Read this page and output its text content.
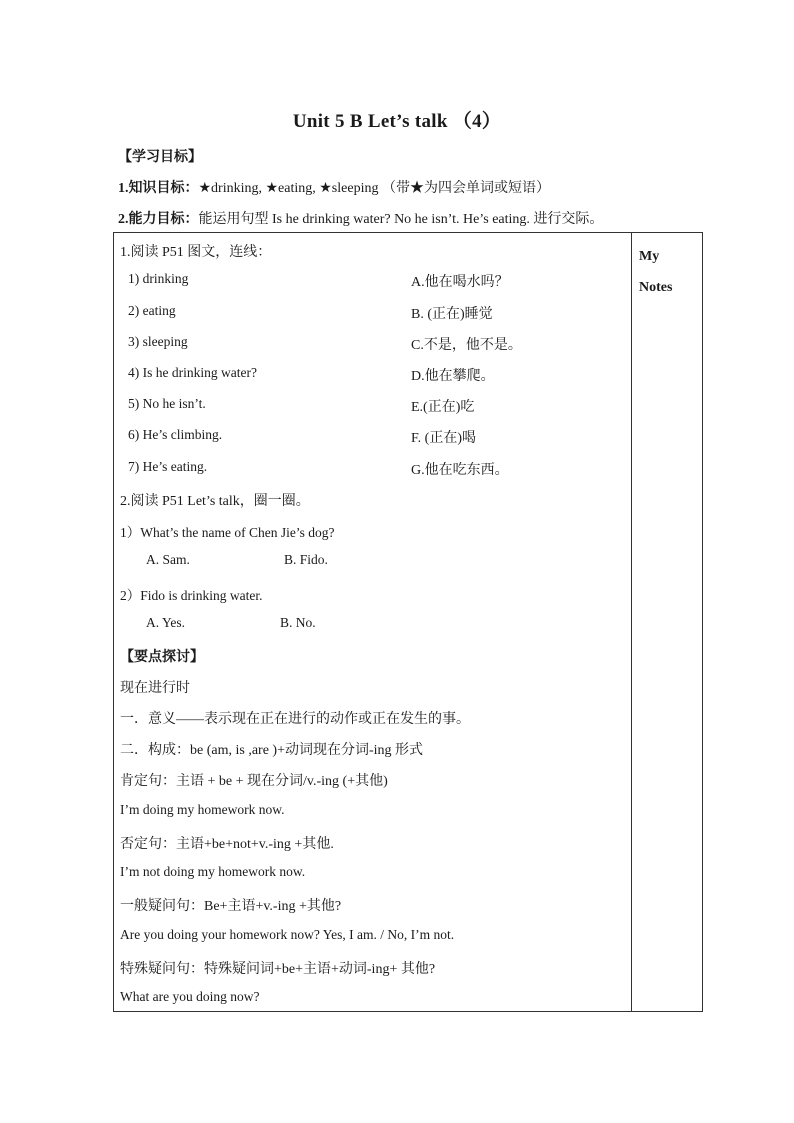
Unit 5 B Let’s talk （4）
【学习目标】
1.知识目标：★drinking, ★eating, ★sleeping （带★为四会单词或短语）
2.能力目标：能运用句型 Is he drinking water? No he isn’t. He’s eating. 进行交际。
My
Notes
1.阅读 P51 图文，连线：
1) drinking
2) eating
3) sleeping
4) Is he drinking water?
5) No he isn’t.
6) He’s climbing.
7) He’s eating.
A.他在喝水吗？
B. (正在)睡觉
C.不是，他不是。
D.他在攀爬。
E.(正在)吃
F. (正在)喝
G.他在吃东西。
2.阅读 P51 Let’s talk，圈一圈。
1）What’s the name of Chen Jie’s dog?
A. Sam.	B. Fido.
2）Fido is drinking water.
A. Yes.	B. No.
【要点探讨】
现在进行时
一．意义——表示现在正在进行的动作或正在发生的事。
二．构成：be (am, is ,are )+动词现在分词-ing 形式
肯定句：主语 + be + 现在分词/v.-ing (+其他)
I’m doing my homework now.
否定句：主语+be+not+v.-ing +其他.
I’m not doing my homework now.
一般疑问句：Be+主语+v.-ing +其他?
Are you doing your homework now? Yes, I am. / No, I’m not.
特殊疑问句：特殊疑问词+be+主语+动词-ing+ 其他?
What are you doing now?
